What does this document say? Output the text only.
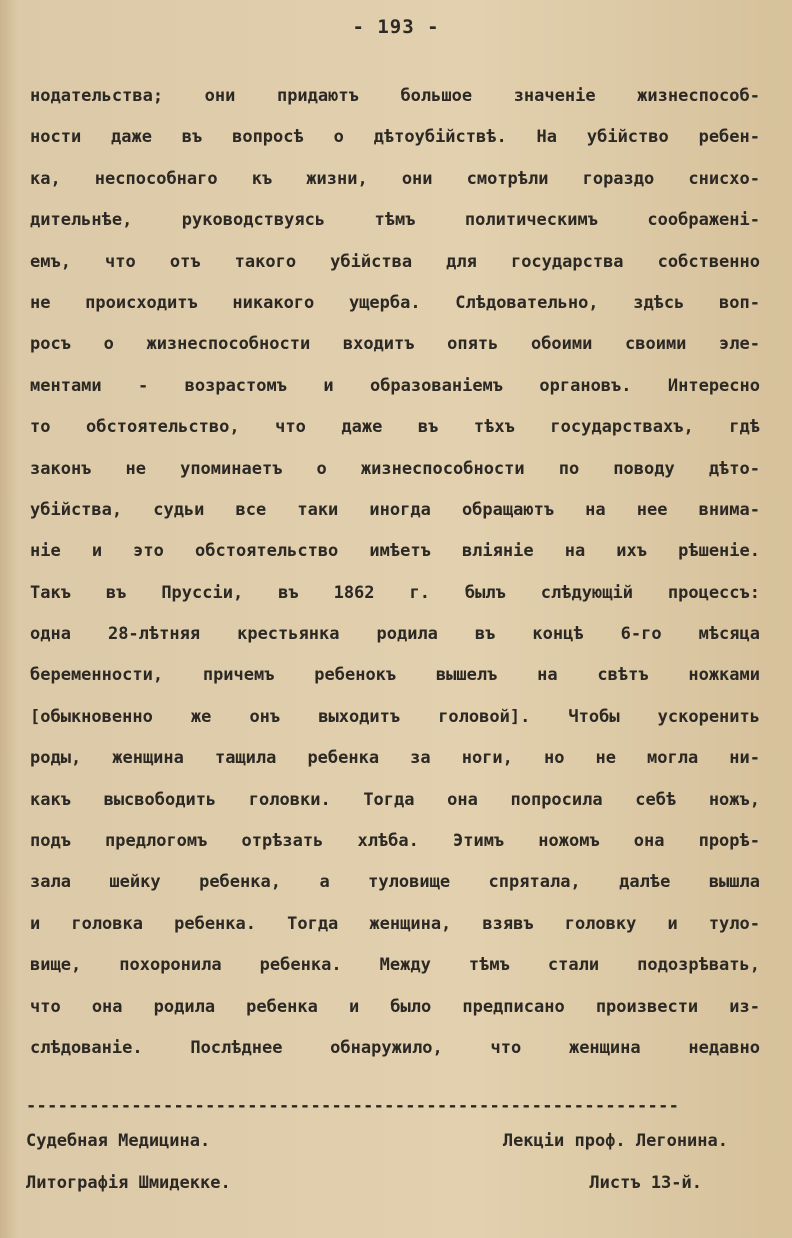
- 193 -
нодательства; они придаютъ большое значенiе жизнеспособ-
ности даже въ вопросѣ о дѣтоубiйствѣ. На убiйство ребен-
ка, неспособнаго къ жизни, они смотрѣли гораздо снисхо-
дительнѣе, руководствуясь тѣмъ политическимъ соображенi-
емъ, что отъ такого убiйства для государства собственно
не происходитъ никакого ущерба. Слѣдовательно, здѣсь воп-
росъ о жизнеспособности входитъ опять обоими своими эле-
ментами - возрастомъ и образованiемъ органовъ. Интересно
то обстоятельство, что даже въ тѣхъ государствахъ, гдѣ
законъ не упоминаетъ о жизнеспособности по поводу дѣто-
убiйства, судьи все таки иногда обращаютъ на нее внима-
нiе и это обстоятельство имѣетъ влiянiе на ихъ рѣшенiе.
Такъ въ Пруссiи, въ 1862 г. былъ слѣдующiй процессъ:
одна 28-лѣтняя крестьянка родила въ концѣ 6-го мѣсяца
беременности, причемъ ребенокъ вышелъ на свѣтъ ножками
[обыкновенно же онъ выходитъ головой]. Чтобы ускоренить
роды, женщина тащила ребенка за ноги, но не могла ни-
какъ высвободить головки. Тогда она попросила себѣ ножъ,
подъ предлогомъ отрѣзать хлѣба. Этимъ ножомъ она прорѣ-
зала шейку ребенка, а туловище спрятала, далѣе вышла
и головка ребенка. Тогда женщина, взявъ головку и туло-
вище, похоронила ребенка. Между тѣмъ стали подозрѣвать,
что она родила ребенка и было предписано произвести из-
слѣдованiе. Послѣднее обнаружило, что женщина недавно
--------------------------------------------------------------
Судебная Медицина.	Лекцiи проф. Легонина.
Литографiя Шмидекке.	Листъ 13-й.
